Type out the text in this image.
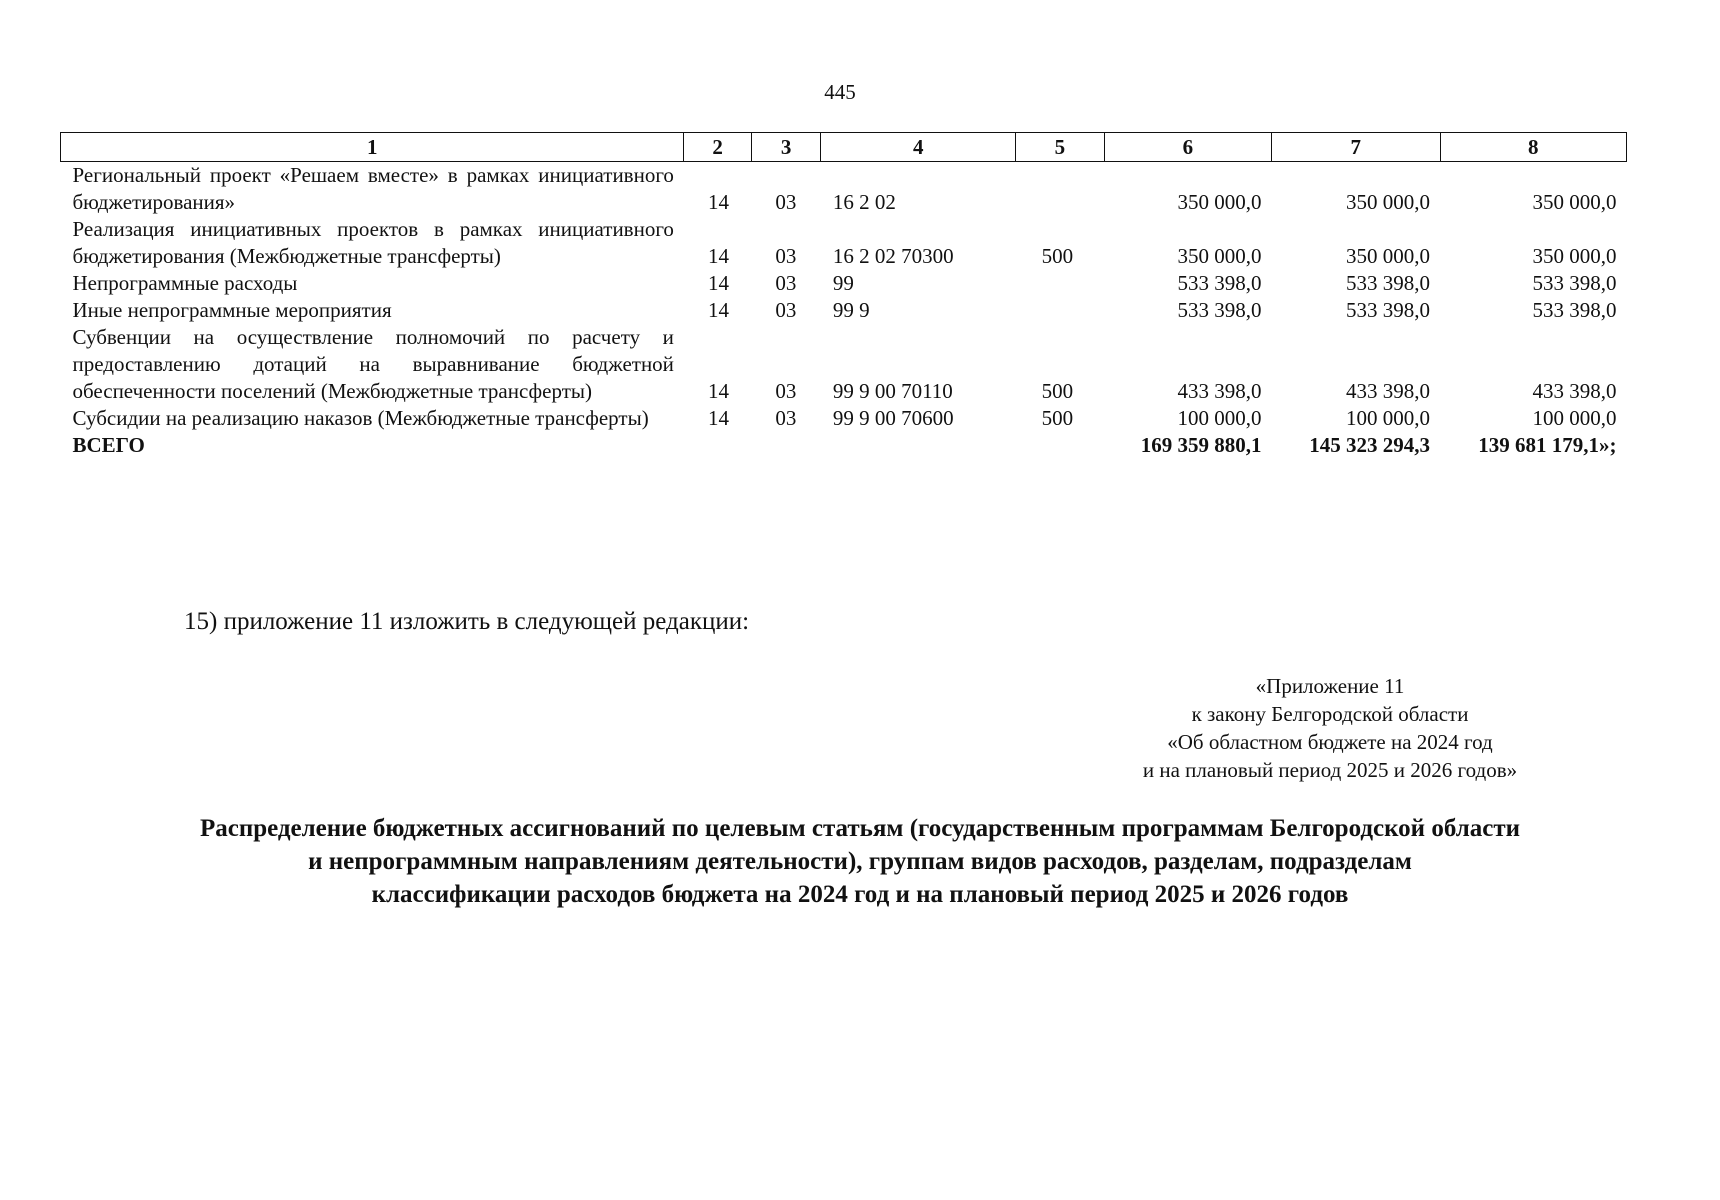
445
1	2	3	4	5	6	7	8
Региональный проект «Решаем вместе» в рамках инициативного бюджетирования»	14	03	16 2 02		350 000,0	350 000,0	350 000,0
Реализация инициативных проектов в рамках инициативного бюджетирования (Межбюджетные трансферты)	14	03	16 2 02 70300	500	350 000,0	350 000,0	350 000,0
Непрограммные расходы	14	03	99		533 398,0	533 398,0	533 398,0
Иные непрограммные мероприятия	14	03	99 9		533 398,0	533 398,0	533 398,0
Субвенции на осуществление полномочий по расчету и предоставлению дотаций на выравнивание бюджетной обеспеченности поселений (Межбюджетные трансферты)	14	03	99 9 00 70110	500	433 398,0	433 398,0	433 398,0
Субсидии на реализацию наказов (Межбюджетные трансферты)	14	03	99 9 00 70600	500	100 000,0	100 000,0	100 000,0
ВСЕГО					169 359 880,1	145 323 294,3	139 681 179,1»;
15) приложение 11 изложить в следующей редакции:
«Приложение 11
к закону Белгородской области
«Об областном бюджете на 2024 год
и на плановый период 2025 и 2026 годов»
Распределение бюджетных ассигнований по целевым статьям (государственным программам Белгородской области
и непрограммным направлениям деятельности), группам видов расходов, разделам, подразделам
классификации расходов бюджета на 2024 год и на плановый период 2025 и 2026 годов
